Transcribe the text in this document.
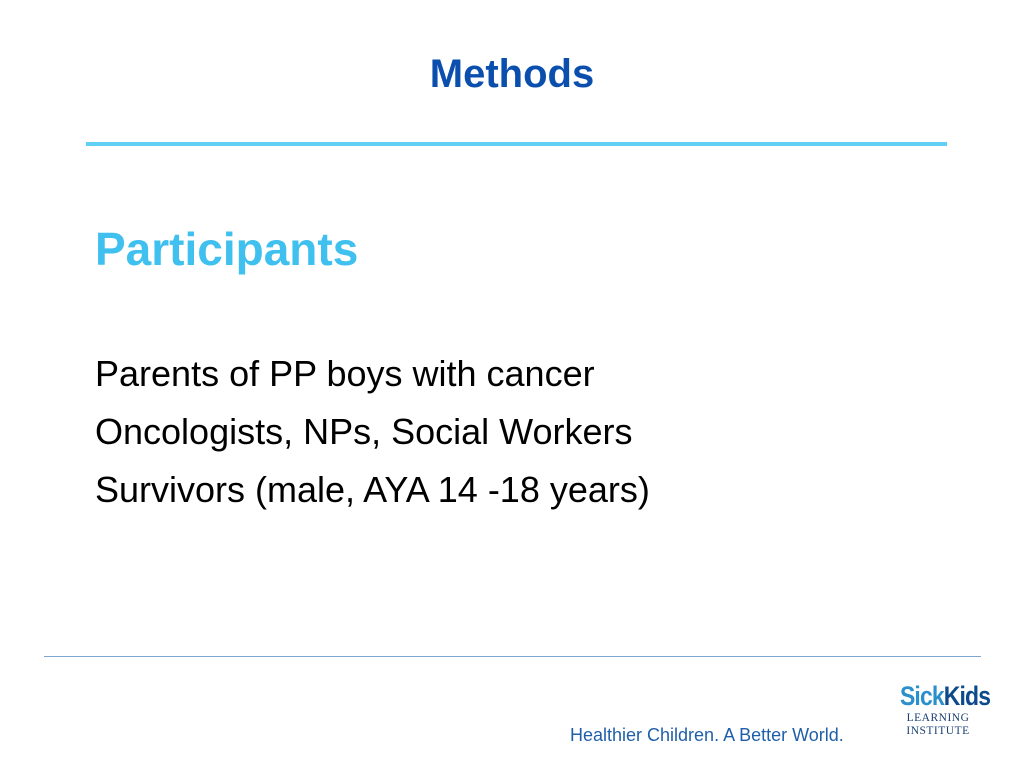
Methods
Participants
Parents of PP boys with cancer
Oncologists, NPs, Social Workers
Survivors (male, AYA 14 -18 years)
Healthier Children. A Better World.
SickKids
LEARNING
INSTITUTE
